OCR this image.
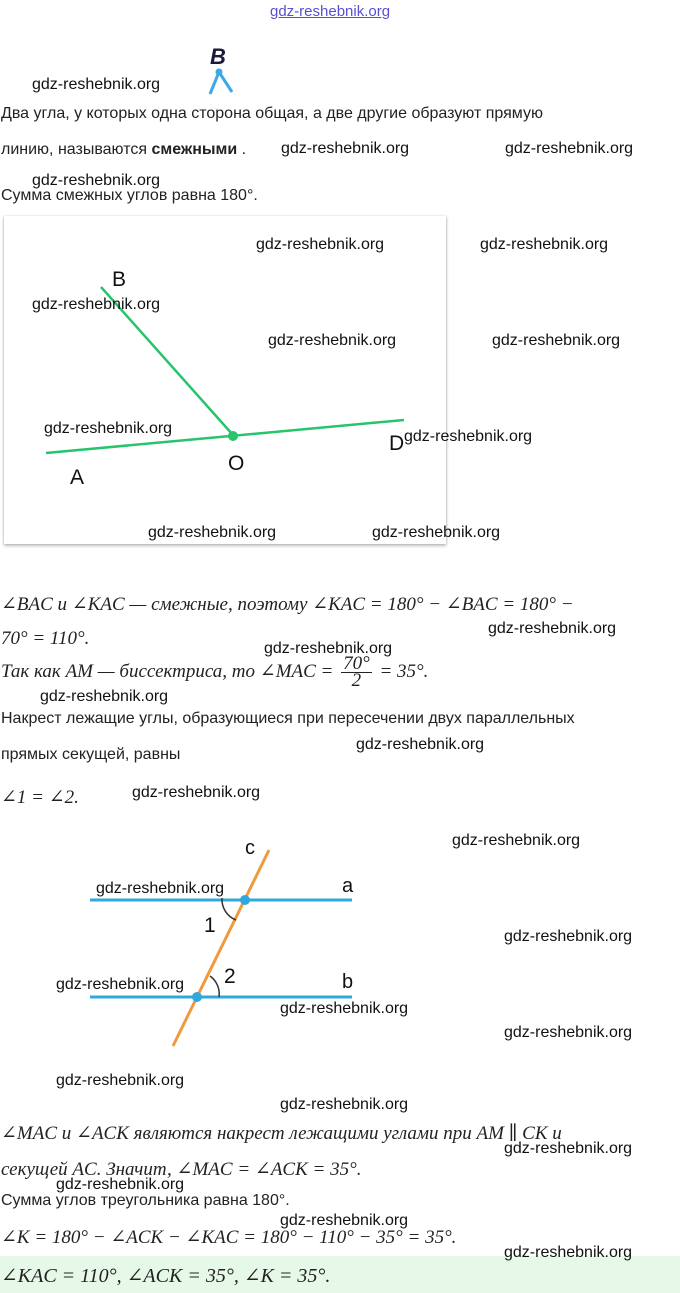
gdz-reshebnik.org
B
gdz-reshebnik.org
Два угла, у которых одна сторона общая, а две другие образуют прямую
линию, называются смежными . gdz-reshebnik.org	gdz-reshebnik.org
gdz-reshebnik.org
Сумма смежных углов равна 180°.
B
A
O
D
gdz-reshebnik.org	gdz-reshebnik.org
gdz-reshebnik.org
gdz-reshebnik.org	gdz-reshebnik.org
gdz-reshebnik.org	gdz-reshebnik.org
gdz-reshebnik.org	gdz-reshebnik.org
∠BAC и ∠KAC — смежные, поэтому ∠KAC = 180° − ∠BAC = 180° −
70° = 110°.	gdz-reshebnik.org
gdz-reshebnik.org
Так как AM — биссектриса, то ∠MAC = $\frac{70^\circ}{2} = 35^\circ$.
gdz-reshebnik.org
Накрест лежащие углы, образующиеся при пересечении двух параллельных
прямых секущей, равны
gdz-reshebnik.org
∠1 = ∠2.	gdz-reshebnik.org
c
a
b
1
2
gdz-reshebnik.org
gdz-reshebnik.org
gdz-reshebnik.org
gdz-reshebnik.org
gdz-reshebnik.org
gdz-reshebnik.org
gdz-reshebnik.org
gdz-reshebnik.org
∠MAC и ∠ACK являются накрест лежащими углами при AM ∥ CK и
секущей AC. Значит, ∠MAC = ∠ACK = 35°.
gdz-reshebnik.org
gdz-reshebnik.org
Сумма углов треугольника равна 180°.
gdz-reshebnik.org
∠K = 180° − ∠ACK − ∠KAC = 180° − 110° − 35° = 35°.
∠KAC = 110°, ∠ACK = 35°, ∠K = 35°.
gdz-reshebnik.org
